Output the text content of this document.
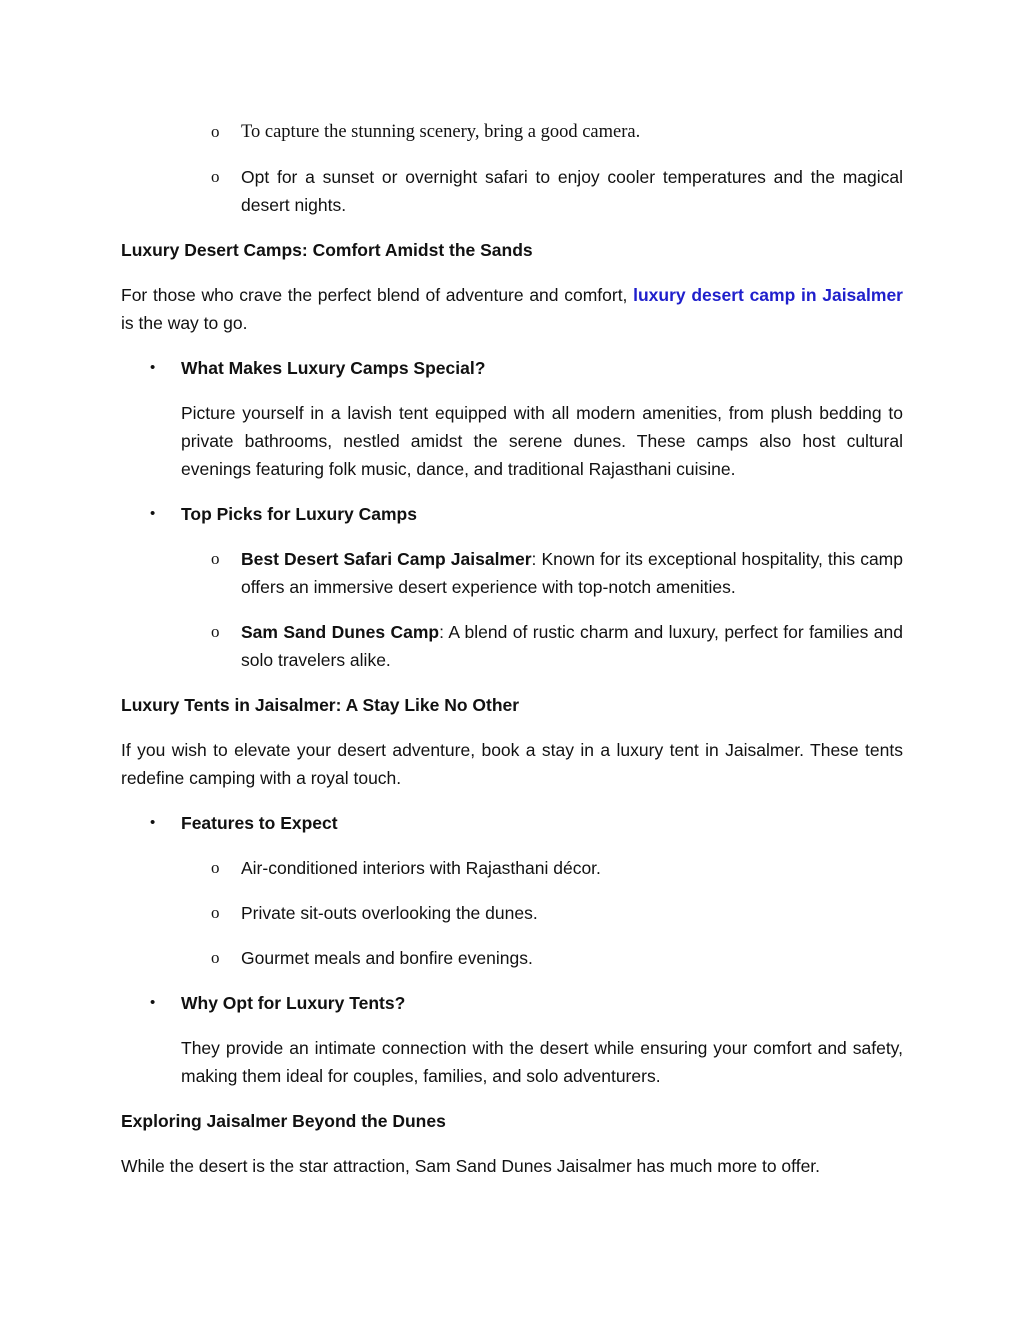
o To capture the stunning scenery, bring a good camera.

o Opt for a sunset or overnight safari to enjoy cooler temperatures and the magical desert nights.

Luxury Desert Camps: Comfort Amidst the Sands

For those who crave the perfect blend of adventure and comfort, luxury desert camp in Jaisalmer is the way to go.

• What Makes Luxury Camps Special?

Picture yourself in a lavish tent equipped with all modern amenities, from plush bedding to private bathrooms, nestled amidst the serene dunes. These camps also host cultural evenings featuring folk music, dance, and traditional Rajasthani cuisine.

• Top Picks for Luxury Camps

o Best Desert Safari Camp Jaisalmer: Known for its exceptional hospitality, this camp offers an immersive desert experience with top-notch amenities.

o Sam Sand Dunes Camp: A blend of rustic charm and luxury, perfect for families and solo travelers alike.

Luxury Tents in Jaisalmer: A Stay Like No Other

If you wish to elevate your desert adventure, book a stay in a luxury tent in Jaisalmer. These tents redefine camping with a royal touch.

• Features to Expect

o Air-conditioned interiors with Rajasthani décor.

o Private sit-outs overlooking the dunes.

o Gourmet meals and bonfire evenings.

• Why Opt for Luxury Tents?

They provide an intimate connection with the desert while ensuring your comfort and safety, making them ideal for couples, families, and solo adventurers.

Exploring Jaisalmer Beyond the Dunes

While the desert is the star attraction, Sam Sand Dunes Jaisalmer has much more to offer.
